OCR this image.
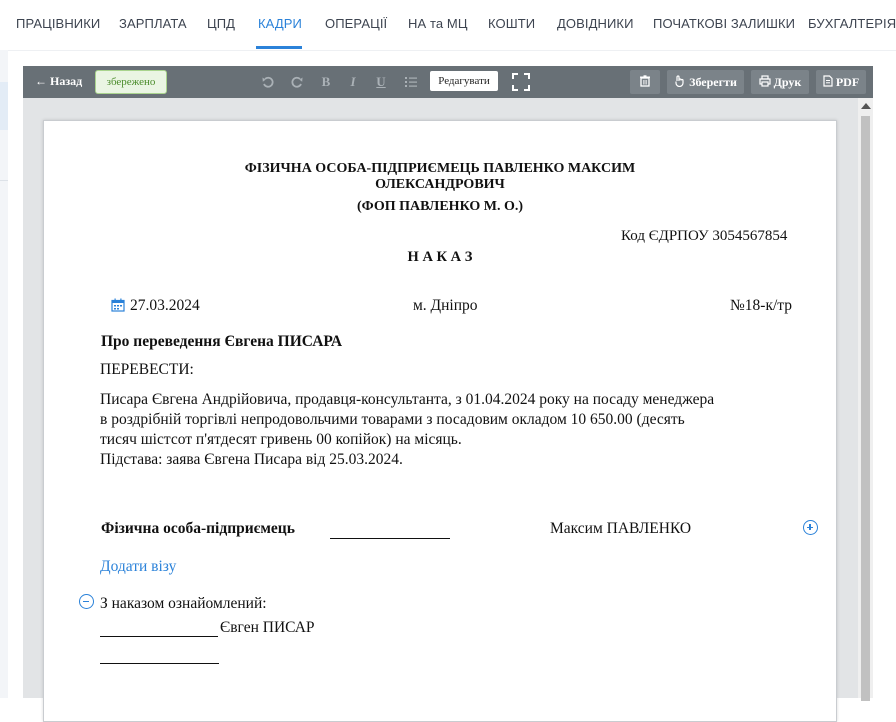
ПРАЦІВНИКИ ЗАРПЛАТА ЦПД КАДРИ ОПЕРАЦІЇ НА та МЦ КОШТИ ДОВІДНИКИ ПОЧАТКОВІ ЗАЛИШКИ БУХГАЛТЕРІЯ
← Назад	збережено	B	I	U	Редагувати	Зберегти	Друк	PDF
ФІЗИЧНА ОСОБА-ПІДПРИЄМЕЦЬ ПАВЛЕНКО МАКСИМ
ОЛЕКСАНДРОВИЧ
(ФОП ПАВЛЕНКО М. О.)
Код ЄДРПОУ 3054567854
Н А К А З
27.03.2024	м. Дніпро	№18-к/тр
Про переведення Євгена ПИСАРА
ПЕРЕВЕСТИ:
Писара Євгена Андрійовича, продавця-консультанта, з 01.04.2024 року на посаду менеджера
в роздрібній торгівлі непродовольчими товарами з посадовим окладом 10 650.00 (десять
тисяч шістсот п'ятдесят гривень 00 копійок) на місяць.
Підстава: заява Євгена Писара від 25.03.2024.
Фізична особа-підприємець	Максим ПАВЛЕНКО
Додати візу
З наказом ознайомлений:
Євген ПИСАР
